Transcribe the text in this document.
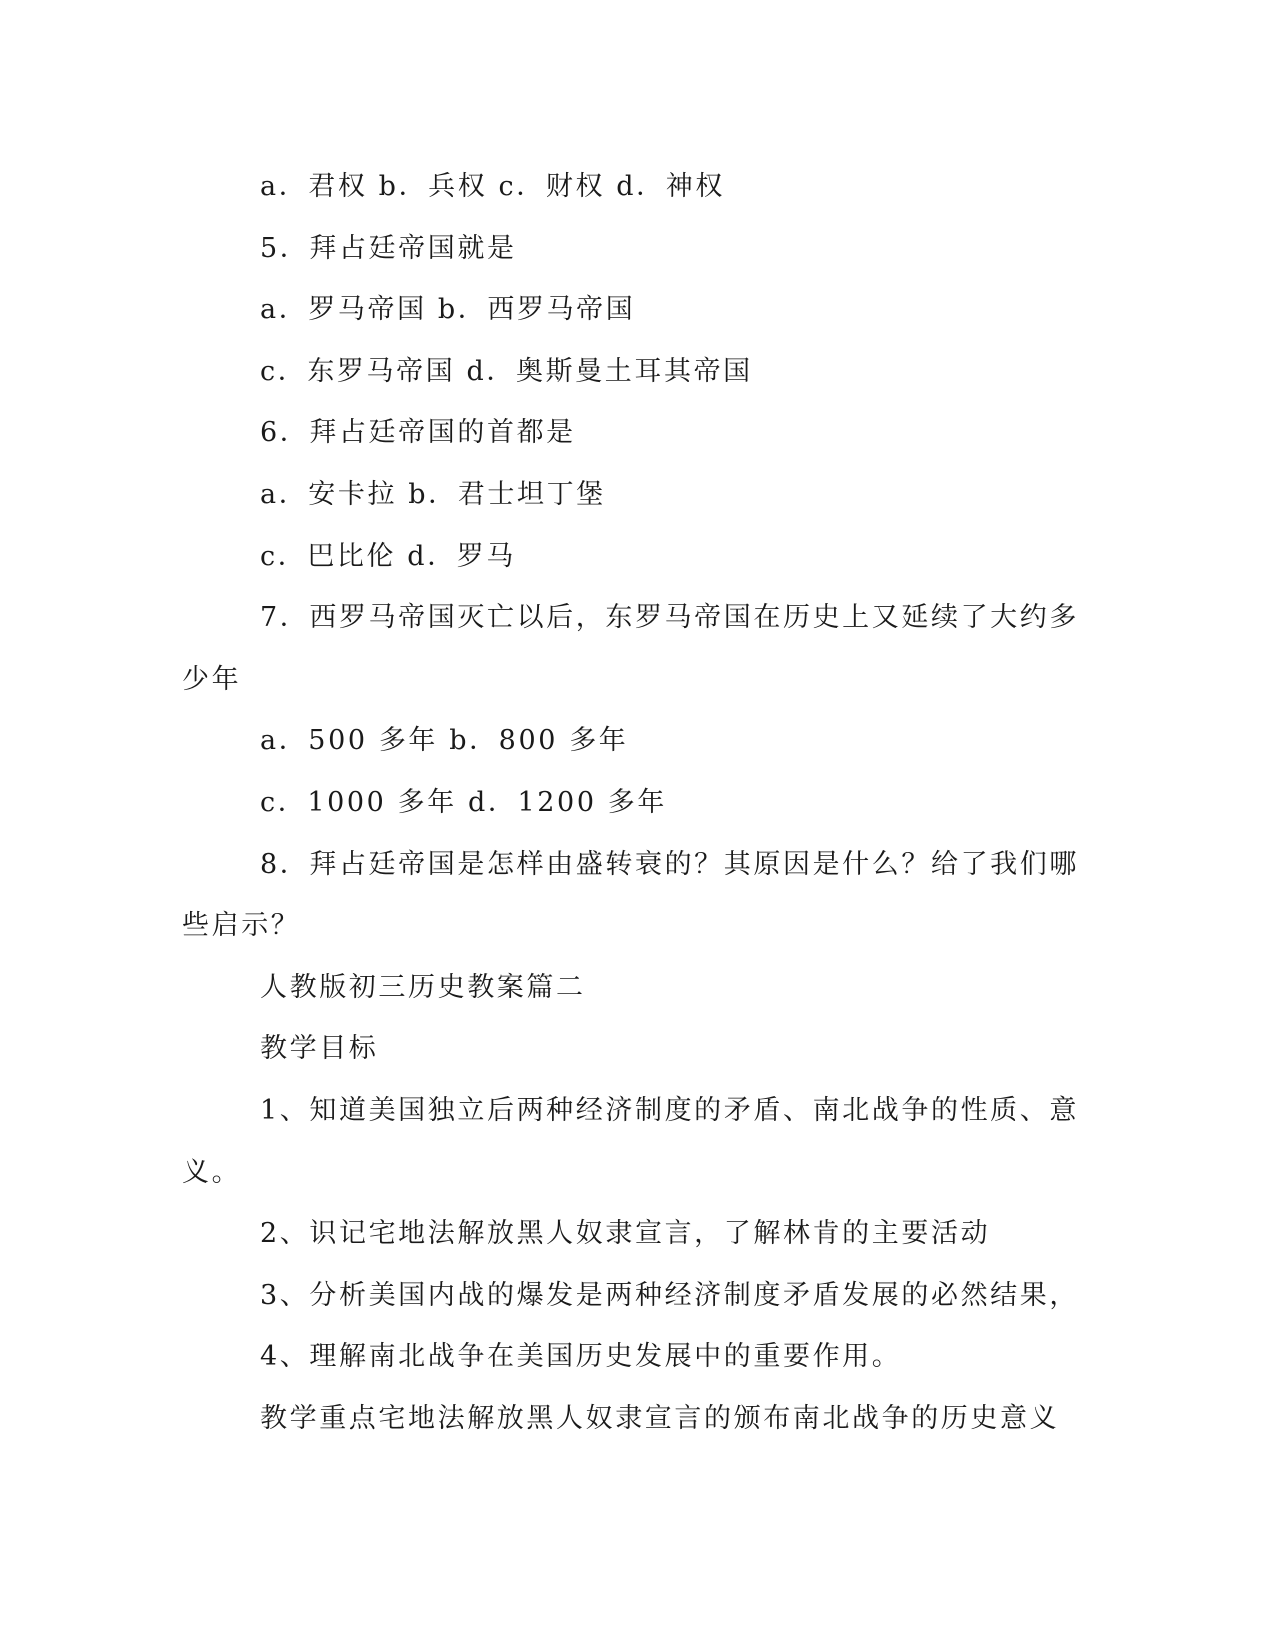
a．君权 b．兵权 c．财权 d．神权
5．拜占廷帝国就是
a．罗马帝国 b．西罗马帝国
c．东罗马帝国 d．奥斯曼土耳其帝国
6．拜占廷帝国的首都是
a．安卡拉 b．君士坦丁堡
c．巴比伦 d．罗马
7．西罗马帝国灭亡以后，东罗马帝国在历史上又延续了大约多
少年
a．500 多年 b．800 多年
c．1000 多年 d．1200 多年
8．拜占廷帝国是怎样由盛转衰的？其原因是什么？给了我们哪
些启示？
人教版初三历史教案篇二
教学目标
1、知道美国独立后两种经济制度的矛盾、南北战争的性质、意
义。
2、识记宅地法解放黑人奴隶宣言，了解林肯的主要活动
3、分析美国内战的爆发是两种经济制度矛盾发展的必然结果，
4、理解南北战争在美国历史发展中的重要作用。
教学重点宅地法解放黑人奴隶宣言的颁布南北战争的历史意义
